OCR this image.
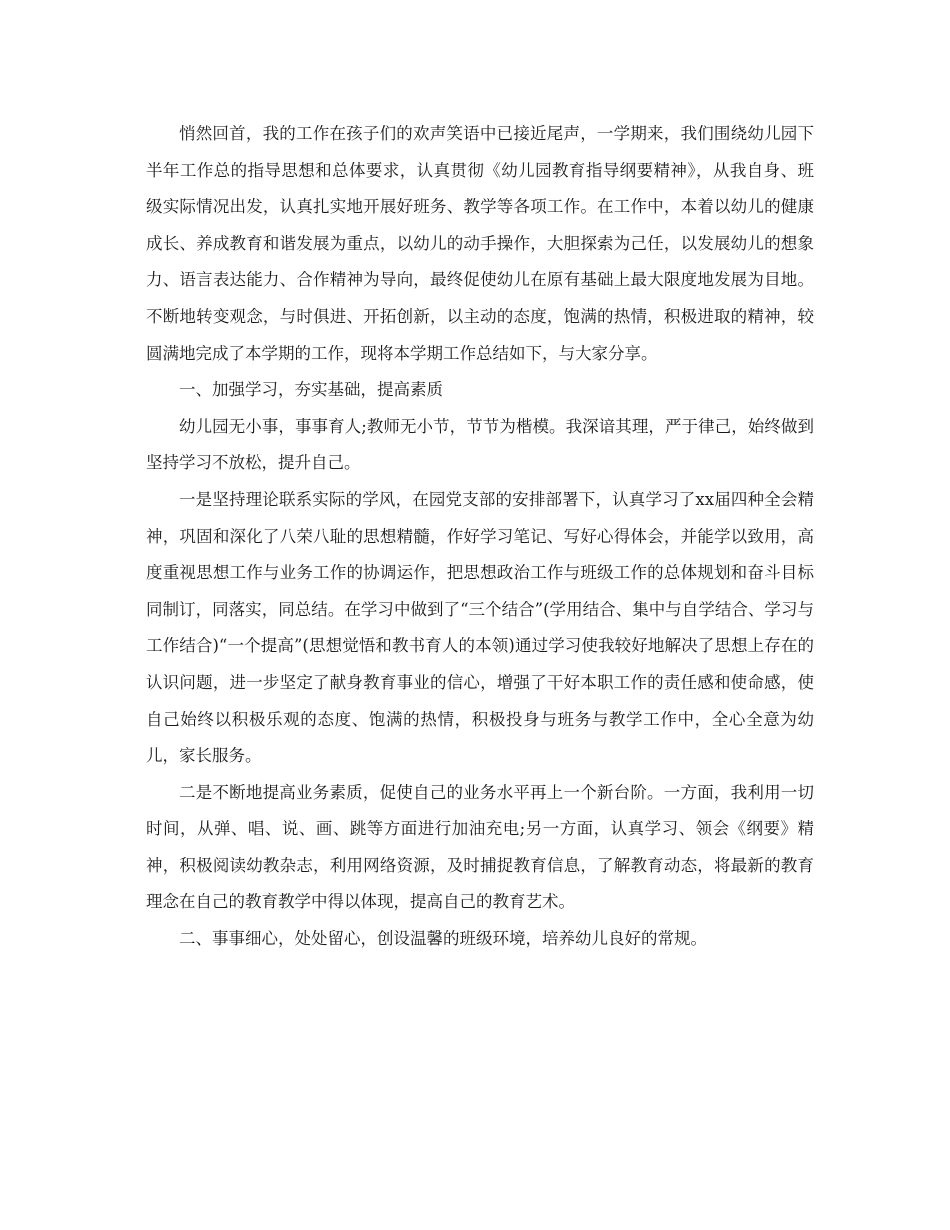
悄然回首，我的工作在孩子们的欢声笑语中已接近尾声，一学期来，我们围绕幼儿园下半年工作总的指导思想和总体要求，认真贯彻《幼儿园教育指导纲要精神》，从我自身、班级实际情况出发，认真扎实地开展好班务、教学等各项工作。在工作中，本着以幼儿的健康成长、养成教育和谐发展为重点，以幼儿的动手操作，大胆探索为己任，以发展幼儿的想象力、语言表达能力、合作精神为导向，最终促使幼儿在原有基础上最大限度地发展为目地。不断地转变观念，与时俱进、开拓创新，以主动的态度，饱满的热情，积极进取的精神，较圆满地完成了本学期的工作，现将本学期工作总结如下，与大家分享。

一、加强学习，夯实基础，提高素质

幼儿园无小事，事事育人;教师无小节，节节为楷模。我深谙其理，严于律己，始终做到坚持学习不放松，提升自己。

一是坚持理论联系实际的学风，在园党支部的安排部署下，认真学习了xx届四种全会精神，巩固和深化了八荣八耻的思想精髓，作好学习笔记、写好心得体会，并能学以致用，高度重视思想工作与业务工作的协调运作，把思想政治工作与班级工作的总体规划和奋斗目标同制订，同落实，同总结。在学习中做到了“三个结合”(学用结合、集中与自学结合、学习与工作结合)“一个提高”(思想觉悟和教书育人的本领)通过学习使我较好地解决了思想上存在的认识问题，进一步坚定了献身教育事业的信心，增强了干好本职工作的责任感和使命感，使自己始终以积极乐观的态度、饱满的热情，积极投身与班务与教学工作中，全心全意为幼儿，家长服务。

二是不断地提高业务素质，促使自己的业务水平再上一个新台阶。一方面，我利用一切时间，从弹、唱、说、画、跳等方面进行加油充电;另一方面，认真学习、领会《纲要》精神，积极阅读幼教杂志，利用网络资源，及时捕捉教育信息，了解教育动态，将最新的教育理念在自己的教育教学中得以体现，提高自己的教育艺术。

二、事事细心，处处留心，创设温馨的班级环境，培养幼儿良好的常规。
